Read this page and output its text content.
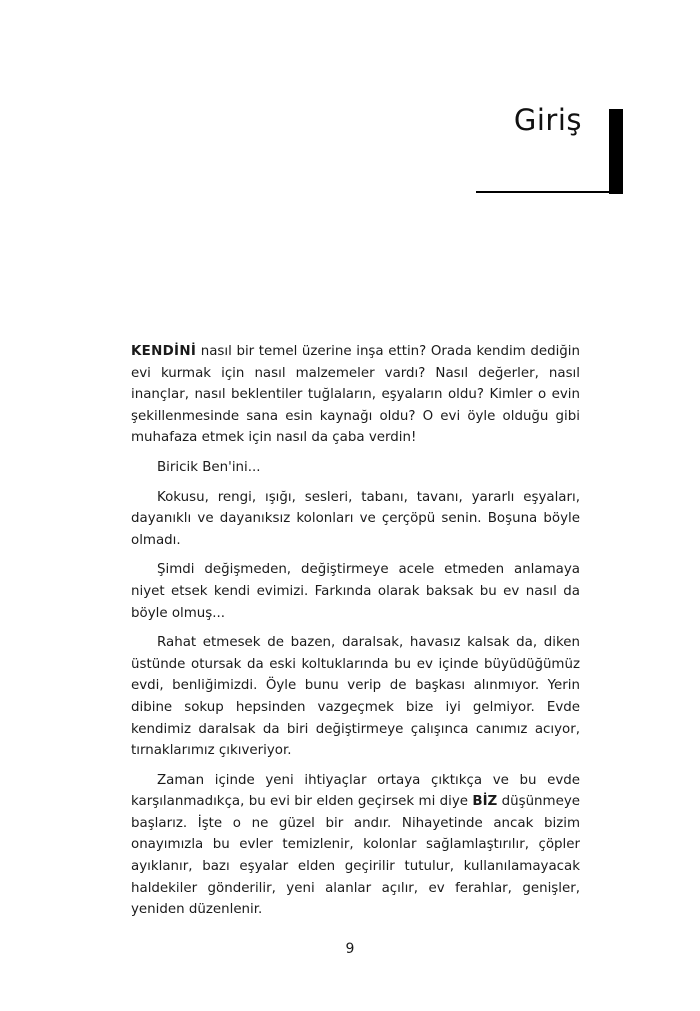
Giriş

KENDİNİ nasıl bir temel üzerine inşa ettin? Orada kendim dediğin evi kurmak için nasıl malzemeler vardı? Nasıl değerler, nasıl inançlar, nasıl beklentiler tuğlaların, eşyaların oldu? Kimler o evin şekillenmesinde sana esin kaynağı oldu? O evi öyle olduğu gibi muhafaza etmek için nasıl da çaba verdin!

Biricik Ben'ini...

Kokusu, rengi, ışığı, sesleri, tabanı, tavanı, yararlı eşyaları, dayanıklı ve dayanıksız kolonları ve çerçöpü senin. Boşuna böyle olmadı.

Şimdi değişmeden, değiştirmeye acele etmeden anlamaya niyet etsek kendi evimizi. Farkında olarak baksak bu ev nasıl da böyle olmuş...

Rahat etmesek de bazen, daralsak, havasız kalsak da, diken üstünde otursak da eski koltuklarında bu ev içinde büyüdüğümüz evdi, benliğimizdi. Öyle bunu verip de başkası alınmıyor. Yerin dibine sokup hepsinden vazgeçmek bize iyi gelmiyor. Evde kendimiz daralsak da biri değiştirmeye çalışınca canımız acıyor, tırnaklarımız çıkıveriyor.

Zaman içinde yeni ihtiyaçlar ortaya çıktıkça ve bu evde karşılanmadıkça, bu evi bir elden geçirsek mi diye BİZ düşünmeye başlarız. İşte o ne güzel bir andır. Nihayetinde ancak bizim onayımızla bu evler temizlenir, kolonlar sağlamlaştırılır, çöpler ayıklanır, bazı eşyalar elden geçirilir tutulur, kullanılamayacak haldekiler gönderilir, yeni alanlar açılır, ev ferahlar, genişler, yeniden düzenlenir.

9
